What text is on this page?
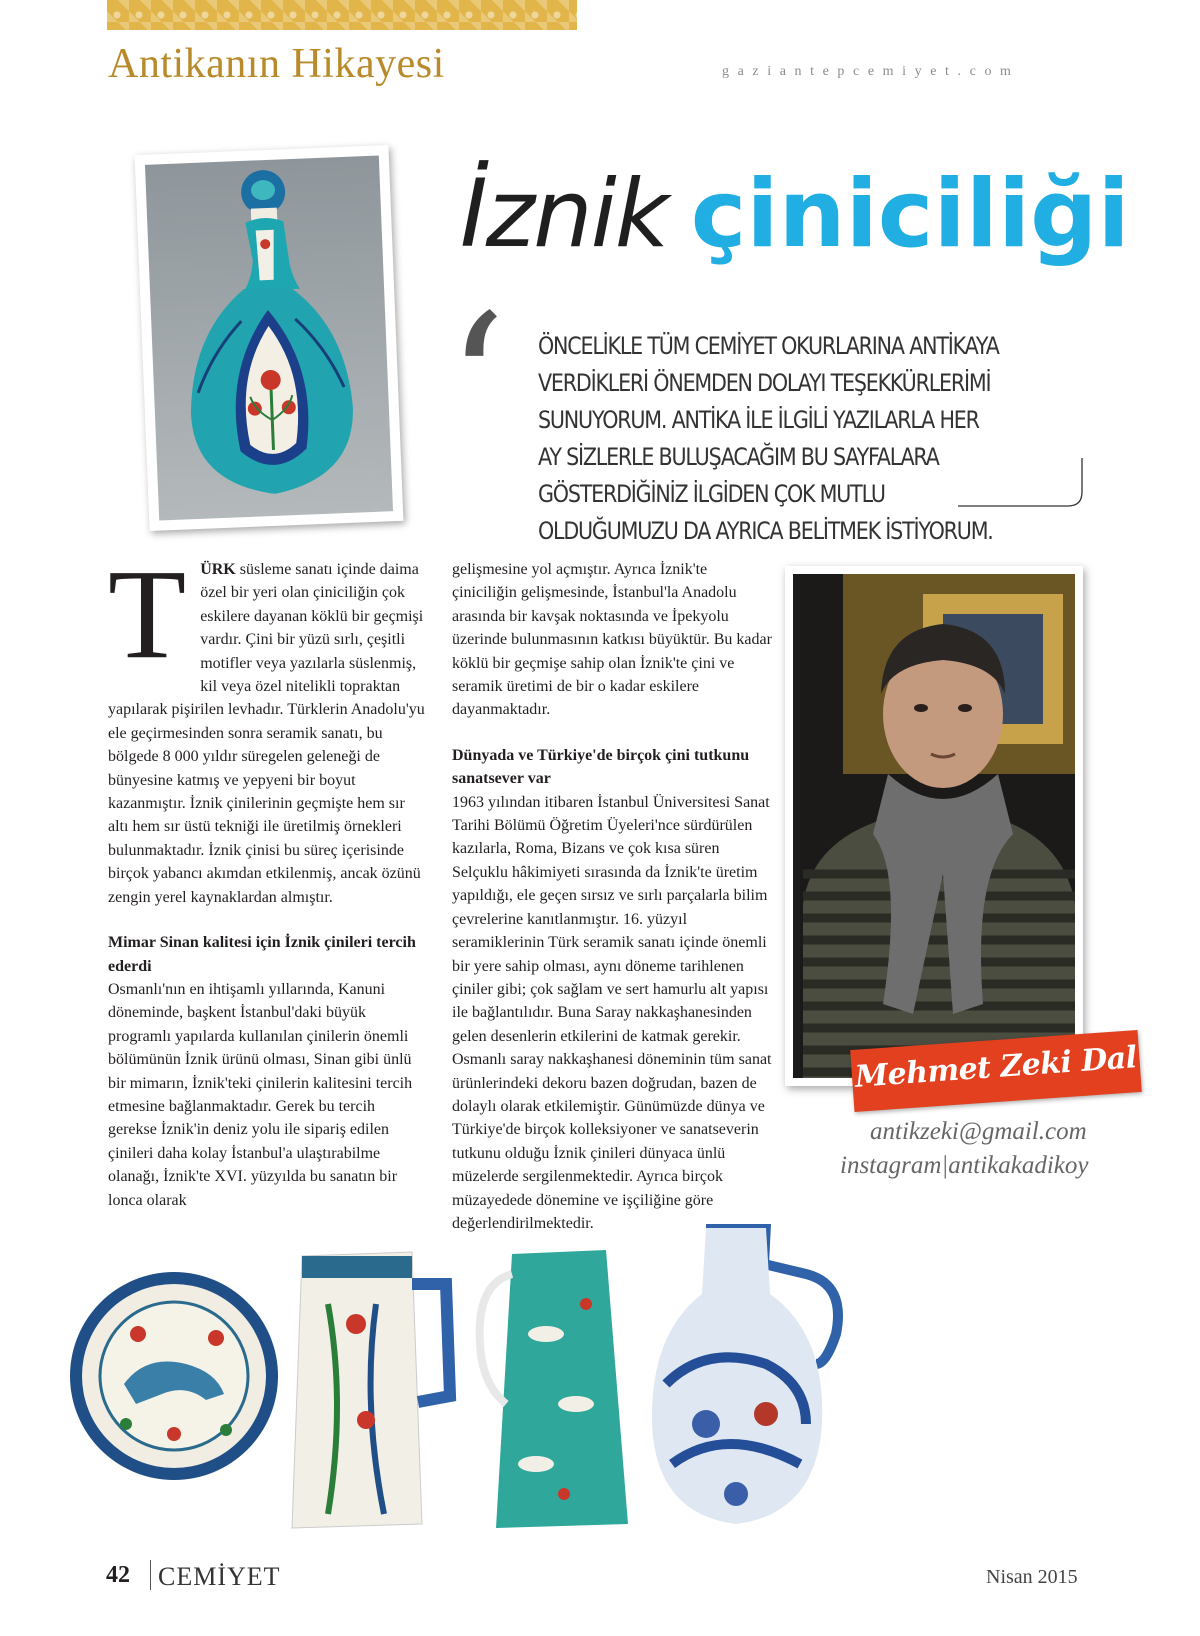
Antikanın Hikayesi	gaziantepcemiyet.com
İznik çiniciliği
‘ ÖNCELİKLE TÜM CEMİYET OKURLARINA ANTİKAYA VERDİKLERİ ÖNEMDEN DOLAYI TEŞEKKÜRLERİMİ SUNUYORUM. ANTİKA İLE İLGİLİ YAZILARLA HER AY SİZLERLE BULUŞACAĞIM BU SAYFALARA GÖSTERDİĞİNİZ İLGİDEN ÇOK MUTLU OLDUĞUMUZU DA AYRICA BELİTMEK İSTİYORUM.

TÜRK süsleme sanatı içinde daima özel bir yeri olan çiniciliğin çok eskilere dayanan köklü bir geçmişi vardır. Çini bir yüzü sırlı, çeşitli motifler veya yazılarla süslenmiş, kil veya özel nitelikli topraktan yapılarak pişirilen levhadır. Türklerin Anadolu'yu ele geçirmesinden sonra seramik sanatı, bu bölgede 8 000 yıldır süregelen geleneği de bünyesine katmış ve yepyeni bir boyut kazanmıştır. İznik çinilerinin geçmişte hem sır altı hem sır üstü tekniği ile üretilmiş örnekleri bulunmaktadır. İznik çinisi bu süreç içerisinde birçok yabancı akımdan etkilenmiş, ancak özünü zengin yerel kaynaklardan almıştır.

Mimar Sinan kalitesi için İznik çinileri tercih ederdi

Osmanlı'nın en ihtişamlı yıllarında, Kanuni döneminde, başkent İstanbul'daki büyük programlı yapılarda kullanılan çinilerin önemli bölümünün İznik ürünü olması, Sinan gibi ünlü bir mimarın, İznik'teki çinilerin kalitesini tercih etmesine bağlanmaktadır. Gerek bu tercih gerekse İznik'in deniz yolu ile sipariş edilen çinileri daha kolay İstanbul'a ulaştırabilme olanağı, İznik'te XVI. yüzyılda bu sanatın bir lonca olarak

gelişmesine yol açmıştır. Ayrıca İznik'te çiniciliğin gelişmesinde, İstanbul'la Anadolu arasında bir kavşak noktasında ve İpekyolu üzerinde bulunmasının katkısı büyüktür. Bu kadar köklü bir geçmişe sahip olan İznik'te çini ve seramik üretimi de bir o kadar eskilere dayanmaktadır.

Dünyada ve Türkiye'de birçok çini tutkunu sanatsever var

1963 yılından itibaren İstanbul Üniversitesi Sanat Tarihi Bölümü Öğretim Üyeleri'nce sürdürülen kazılarla, Roma, Bizans ve çok kısa süren Selçuklu hâkimiyeti sırasında da İznik'te üretim yapıldığı, ele geçen sırsız ve sırlı parçalarla bilim çevrelerine kanıtlanmıştır. 16. yüzyıl seramiklerinin Türk seramik sanatı içinde önemli bir yere sahip olması, aynı döneme tarihlenen çiniler gibi; çok sağlam ve sert hamurlu alt yapısı ile bağlantılıdır. Buna Saray nakkaşhanesinden gelen desenlerin etkilerini de katmak gerekir. Osmanlı saray nakkaşhanesi döneminin tüm sanat ürünlerindeki dekoru bazen doğrudan, bazen de dolaylı olarak etkilemiştir. Günümüzde dünya ve Türkiye'de birçok kolleksiyoner ve sanatseverin tutkunu olduğu İznik çinileri dünyaca ünlü müzelerde sergilenmektedir. Ayrıca birçok müzayedede dönemine ve işçiliğine göre değerlendirilmektedir.

Mehmet Zeki Dal
antikzeki@gmail.com
instagram|antikakadikoy
42 CEMİYET	Nisan 2015
